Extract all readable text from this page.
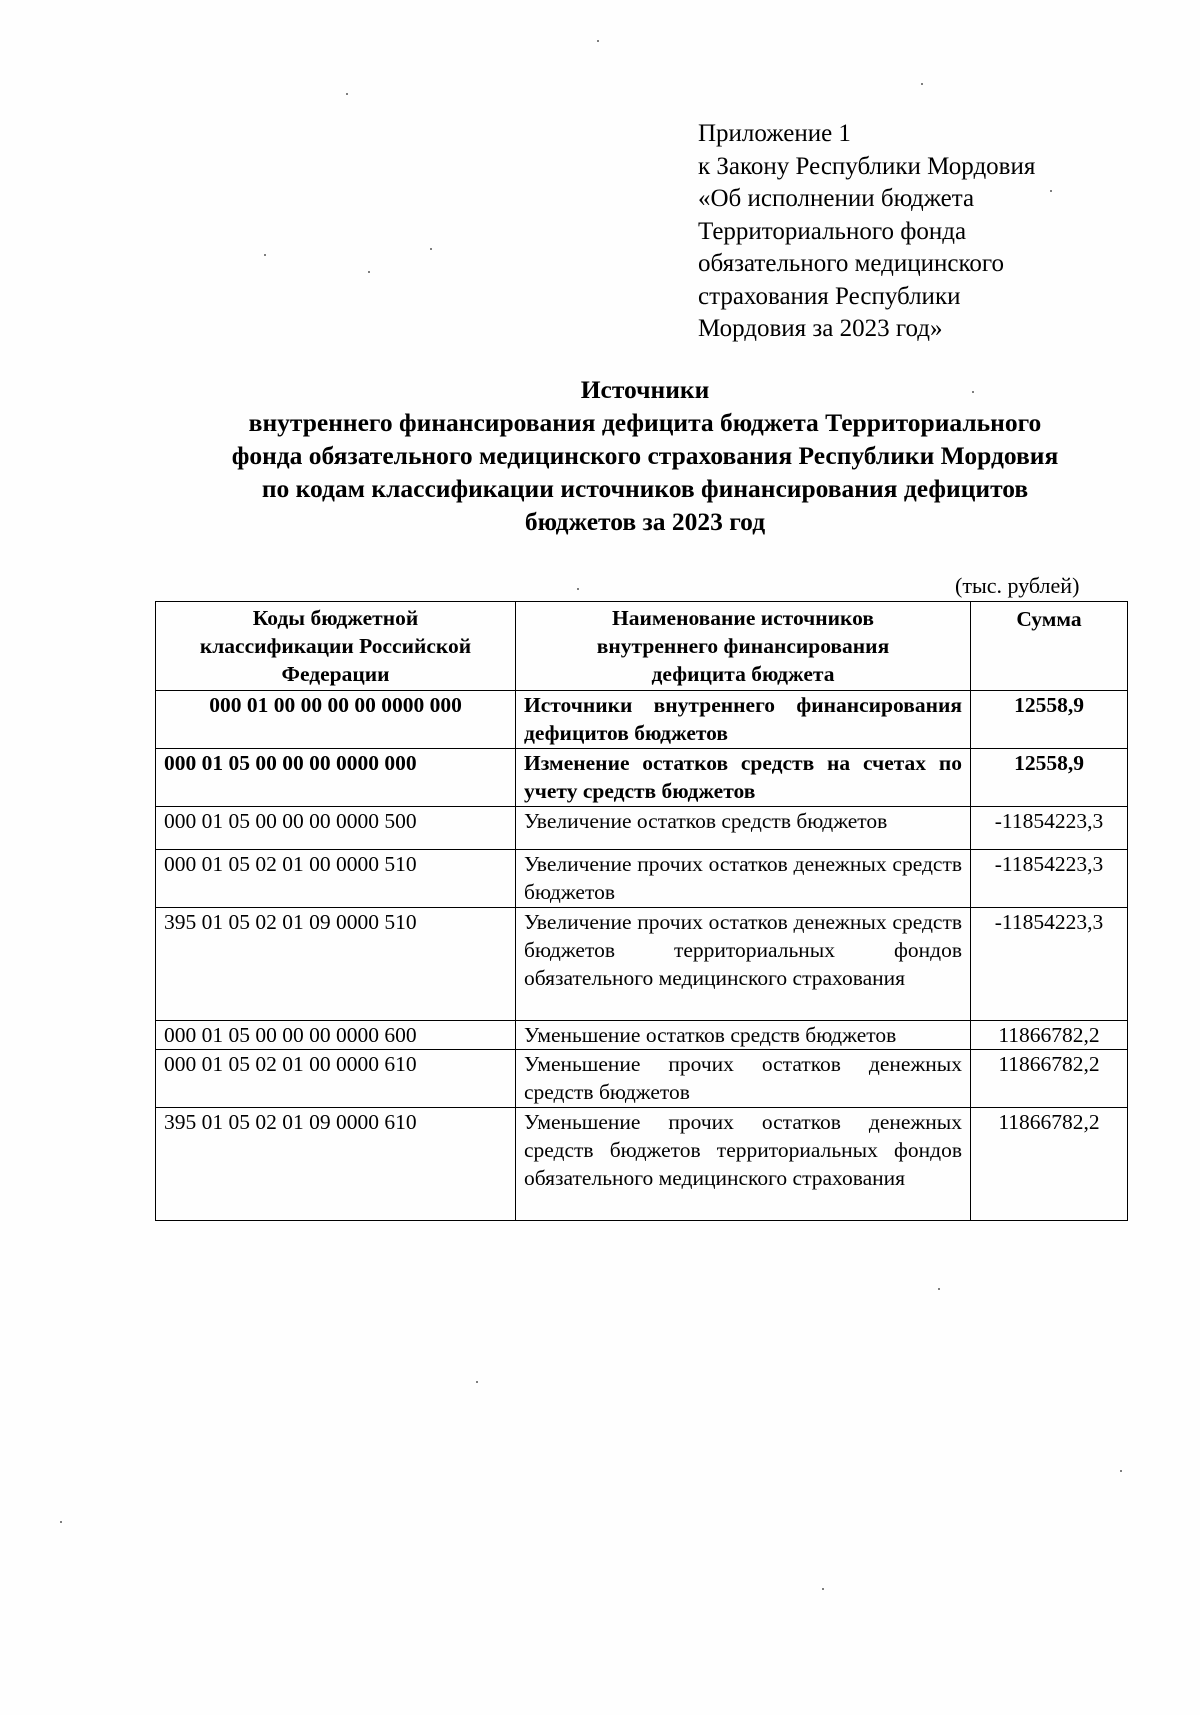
Приложение 1
к Закону Республики Мордовия
«Об исполнении бюджета
Территориального фонда
обязательного медицинского
страхования Республики
Мордовия за 2023 год»
Источники
внутреннего финансирования дефицита бюджета Территориального
фонда обязательного медицинского страхования Республики Мордовия
по кодам классификации источников финансирования дефицитов
бюджетов за 2023 год
(тыс. рублей)
Коды бюджетной классификации Российской Федерации	Наименование источников внутреннего финансирования дефицита бюджета	Сумма
000 01 00 00 00 00 0000 000	Источники внутреннего финансирования дефицитов бюджетов	12558,9
000 01 05 00 00 00 0000 000	Изменение остатков средств на счетах по учету средств бюджетов	12558,9
000 01 05 00 00 00 0000 500	Увеличение остатков средств бюджетов	-11854223,3
000 01 05 02 01 00 0000 510	Увеличение прочих остатков денежных средств бюджетов	-11854223,3
395 01 05 02 01 09 0000 510	Увеличение прочих остатков денежных средств бюджетов территориальных фондов обязательного медицинского страхования	-11854223,3
000 01 05 00 00 00 0000 600	Уменьшение остатков средств бюджетов	11866782,2
000 01 05 02 01 00 0000 610	Уменьшение прочих остатков денежных средств бюджетов	11866782,2
395 01 05 02 01 09 0000 610	Уменьшение прочих остатков денежных средств бюджетов территориальных фондов обязательного медицинского страхования	11866782,2
